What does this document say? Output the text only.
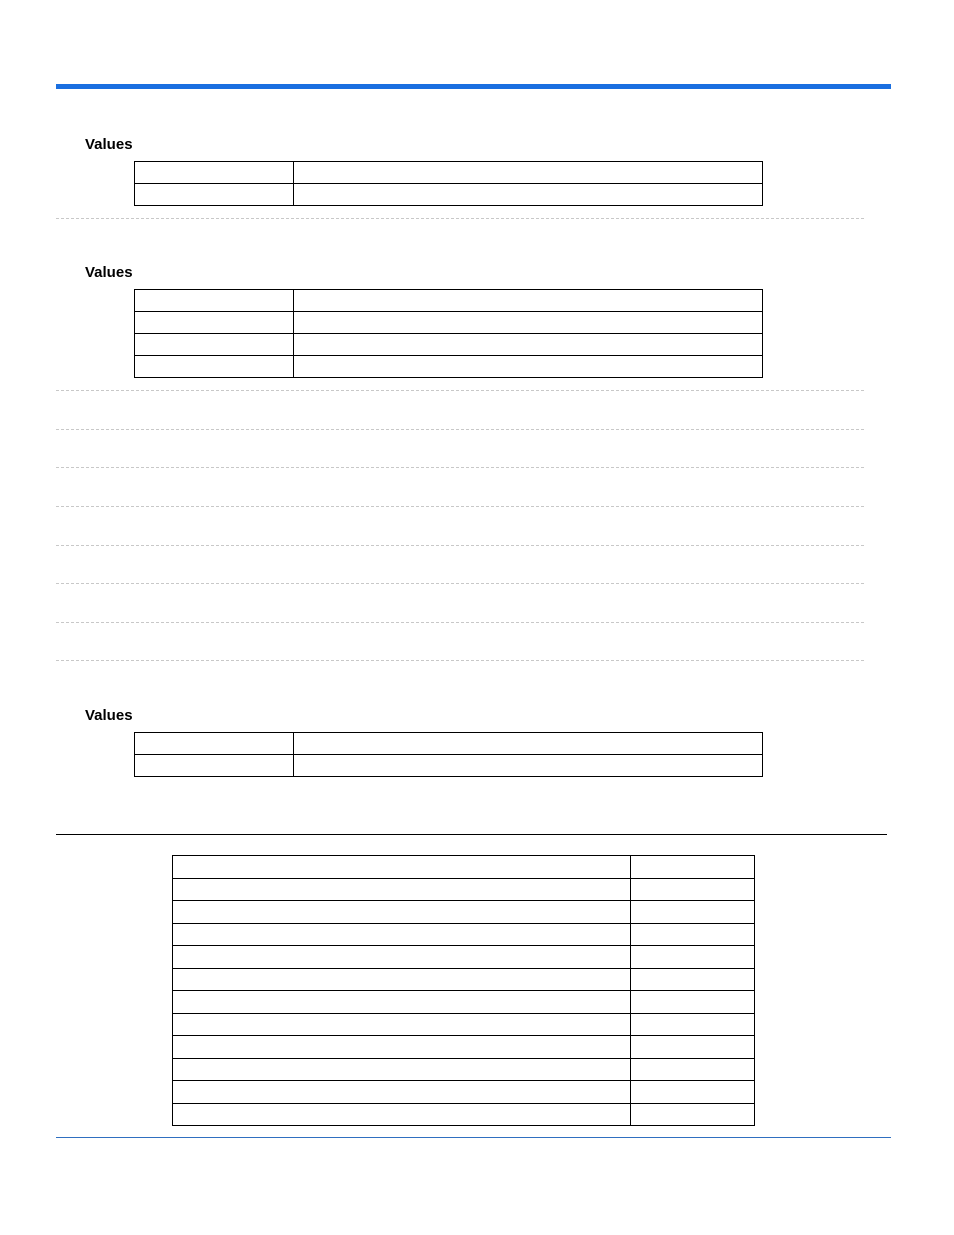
Values

Values

Values
